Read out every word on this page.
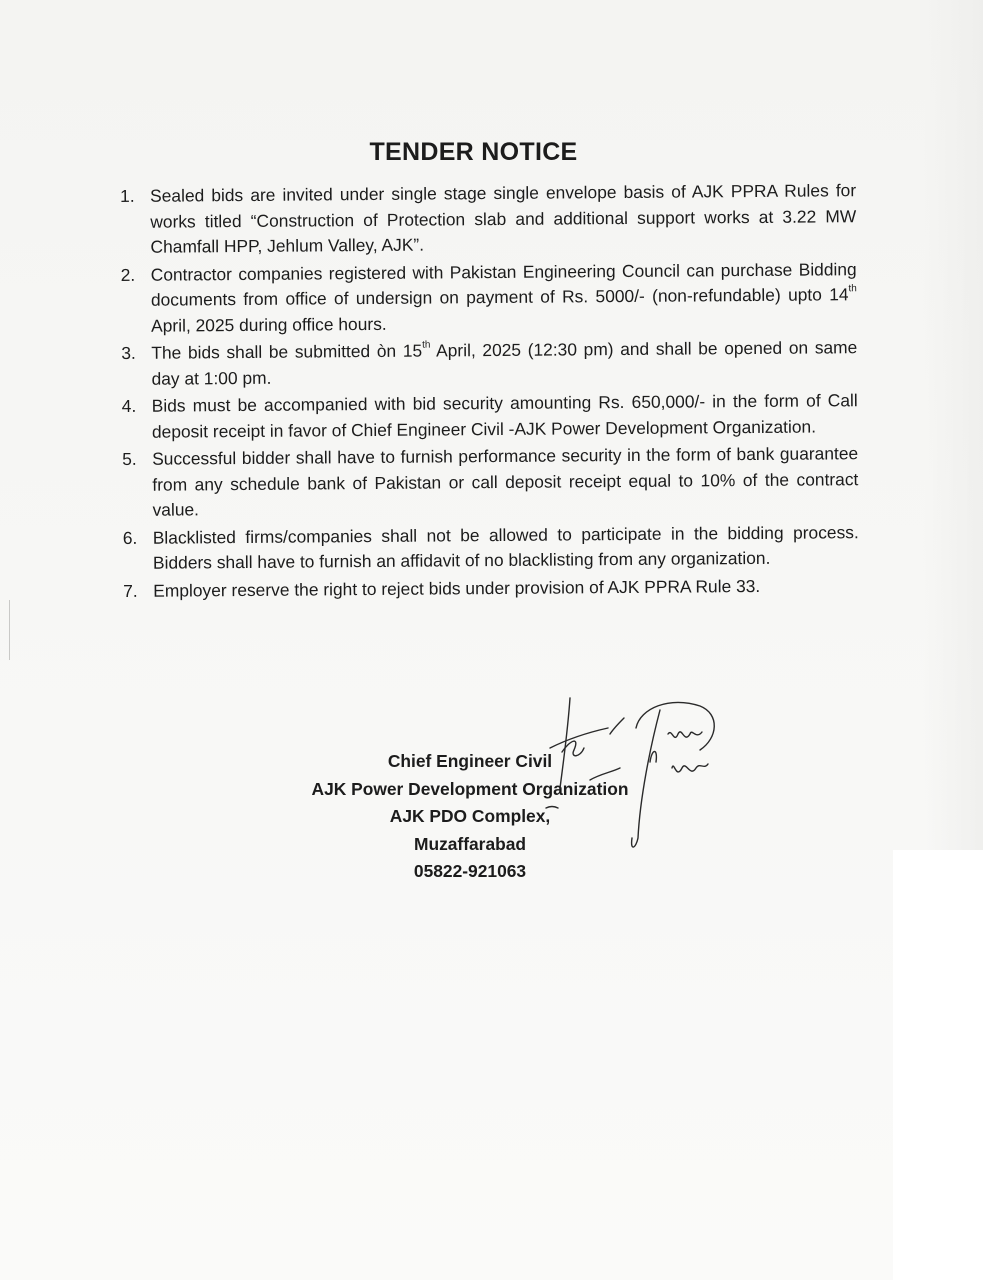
TENDER NOTICE
1. Sealed bids are invited under single stage single envelope basis of AJK PPRA Rules for works titled “Construction of Protection slab and additional support works at 3.22 MW Chamfall HPP, Jehlum Valley, AJK”.
2. Contractor companies registered with Pakistan Engineering Council can purchase Bidding documents from office of undersign on payment of Rs. 5000/- (non-refundable) upto 14th April, 2025 during office hours.
3. The bids shall be submitted òn 15th April, 2025 (12:30 pm) and shall be opened on same day at 1:00 pm.
4. Bids must be accompanied with bid security amounting Rs. 650,000/- in the form of Call deposit receipt in favor of Chief Engineer Civil -AJK Power Development Organization.
5. Successful bidder shall have to furnish performance security in the form of bank guarantee from any schedule bank of Pakistan or call deposit receipt equal to 10% of the contract value.
6. Blacklisted firms/companies shall not be allowed to participate in the bidding process. Bidders shall have to furnish an affidavit of no blacklisting from any organization.
7. Employer reserve the right to reject bids under provision of AJK PPRA Rule 33.
Chief Engineer Civil
AJK Power Development Organization
AJK PDO Complex,
Muzaffarabad
05822-921063
